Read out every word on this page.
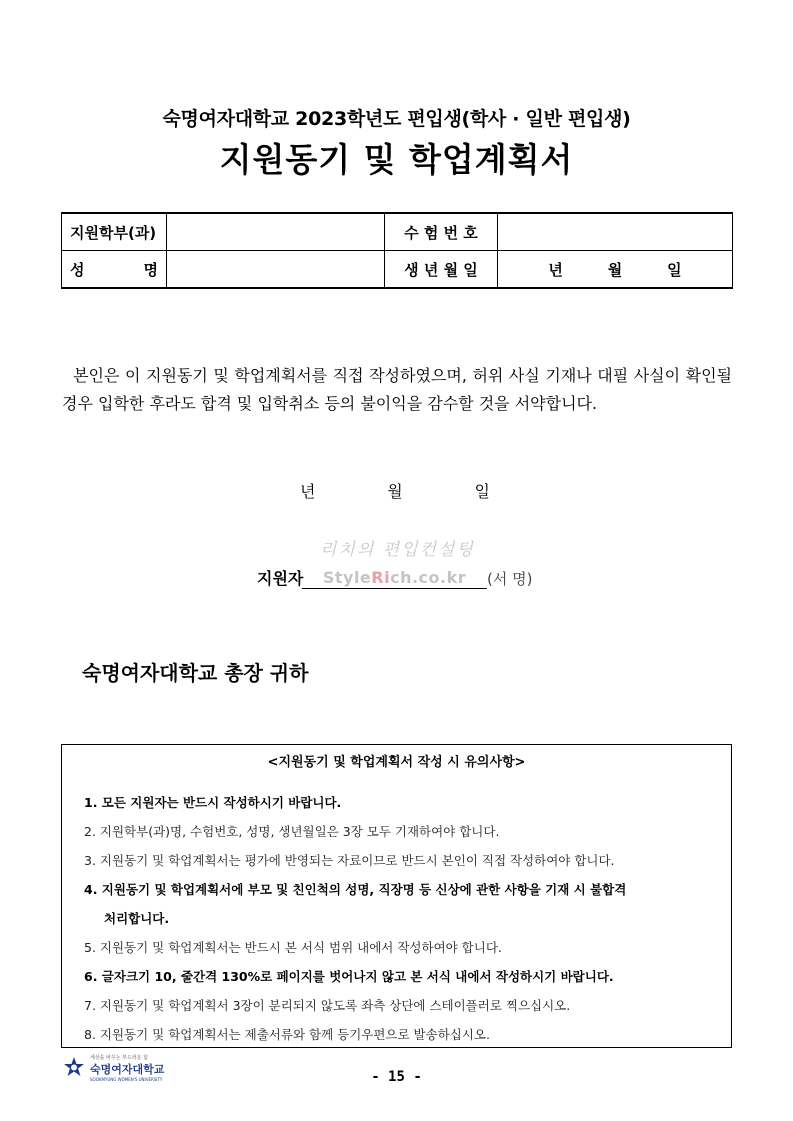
숙명여자대학교 2023학년도 편입생(학사 · 일반 편입생)
지원동기 및 학업계획서
지원학부(과)		수 험 번 호	

성 명		생 년 월 일	년 월 일
본인은 이 지원동기 및 학업계획서를 직접 작성하였으며, 허위 사실 기재나 대필 사실이 확인될 경우 입학한 후라도 합격 및 입학취소 등의 불이익을 감수할 것을 서약합니다.
년	월	일
리치의 편입컨설팅
지원자	StyleRich.co.kr	(서 명)
숙명여자대학교 총장 귀하
<지원동기 및 학업계획서 작성 시 유의사항>
1. 모든 지원자는 반드시 작성하시기 바랍니다.
2. 지원학부(과)명, 수험번호, 성명, 생년월일은 3장 모두 기재하여야 합니다.
3. 지원동기 및 학업계획서는 평가에 반영되는 자료이므로 반드시 본인이 직접 작성하여야 합니다.
4. 지원동기 및 학업계획서에 부모 및 친인척의 성명, 직장명 등 신상에 관한 사항을 기재 시 불합격
처리합니다.
5. 지원동기 및 학업계획서는 반드시 본 서식 범위 내에서 작성하여야 합니다.
6. 글자크기 10, 줄간격 130%로 페이지를 벗어나지 않고 본 서식 내에서 작성하시기 바랍니다.
7. 지원동기 및 학업계획서 3장이 분리되지 않도록 좌측 상단에 스테이플러로 찍으십시오.
8. 지원동기 및 학업계획서는 제출서류와 함께 등기우편으로 발송하십시오.
세상을 바꾸는 부드러운 힘
숙명여자대학교
SOOKMYUNG WOMEN'S UNIVERSITY	- 15 -
